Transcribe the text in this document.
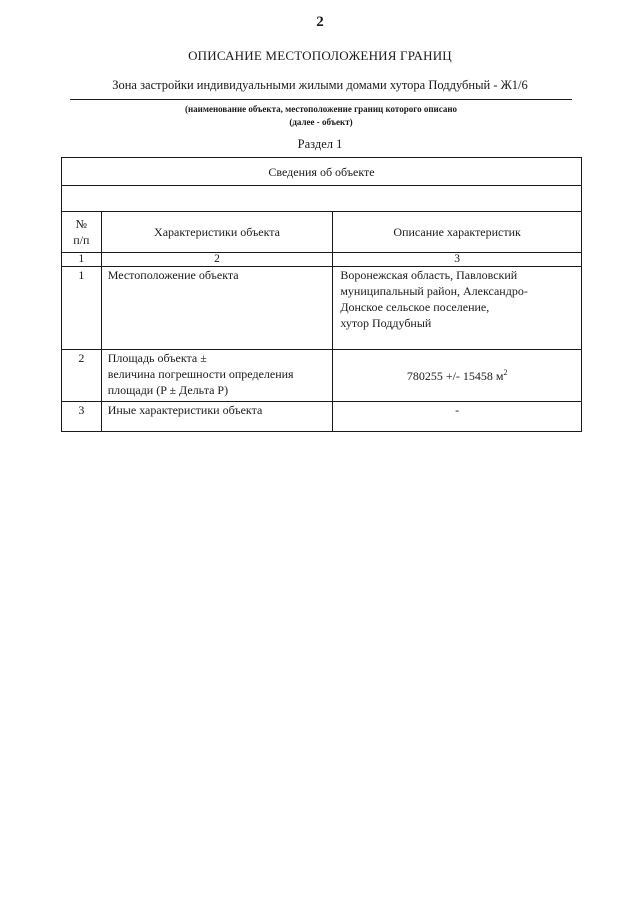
2
ОПИСАНИЕ МЕСТОПОЛОЖЕНИЯ ГРАНИЦ
Зона застройки индивидуальными жилыми домами хутора Поддубный - Ж1/6
(наименование объекта, местоположение границ которого описано
(далее - объект)
Раздел 1
Сведения об объекте		

№
п/п	Характеристики объекта	Описание характеристик
1	2	3
1	Местоположение объекта	Воронежская область, Павловский
муниципальный район, Александро-
Донское сельское поселение,
хутор Поддубный

2	Площадь объекта ±
величина погрешности определения
площади (P ± Дельта P)	780255 +/- 15458 $м^2$
3	Иные характеристики объекта	-
